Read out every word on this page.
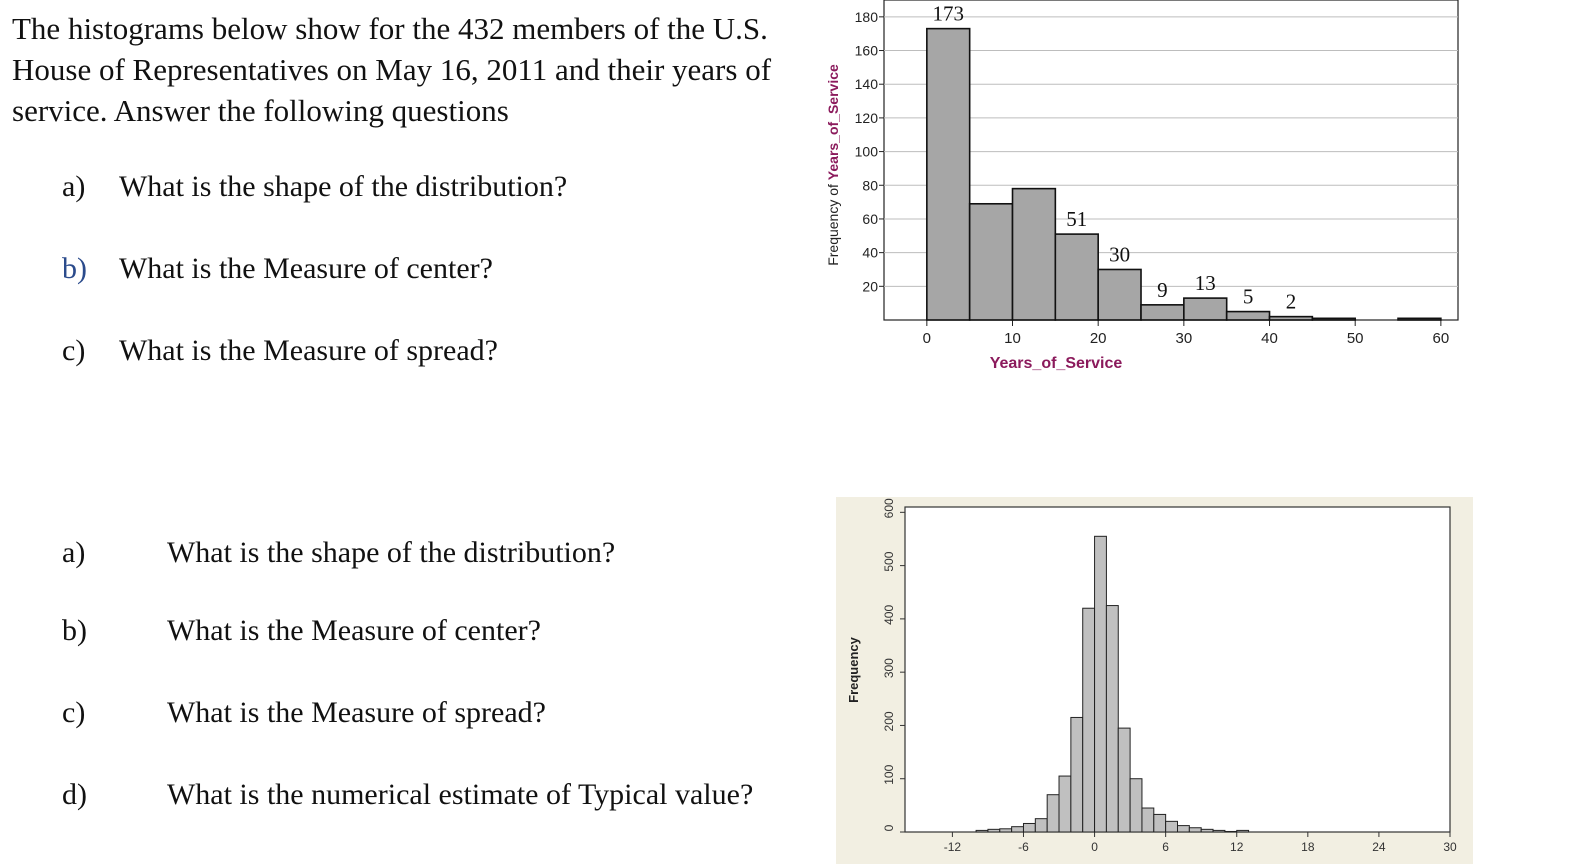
The histograms below show for the 432 members of the U.S. House of Representatives on May 16, 2011 and their years of service. Answer the following questions
a) What is the shape of the distribution?
b) What is the Measure of center?
c) What is the Measure of spread?
a)	What is the shape of the distribution?
b)	What is the Measure of center?
c)	What is the Measure of spread?
d)	What is the numerical estimate of Typical value?
20
40
60
80
100
120
140
160
180
0	10	20	30	40	50	60
173
51
30
9 13
5 2
Years_of_Service
Frequency of Years_of_Service
0
100
200
300
400
500
600
-12	-6	0	6	12	18	24	30
Frequency
